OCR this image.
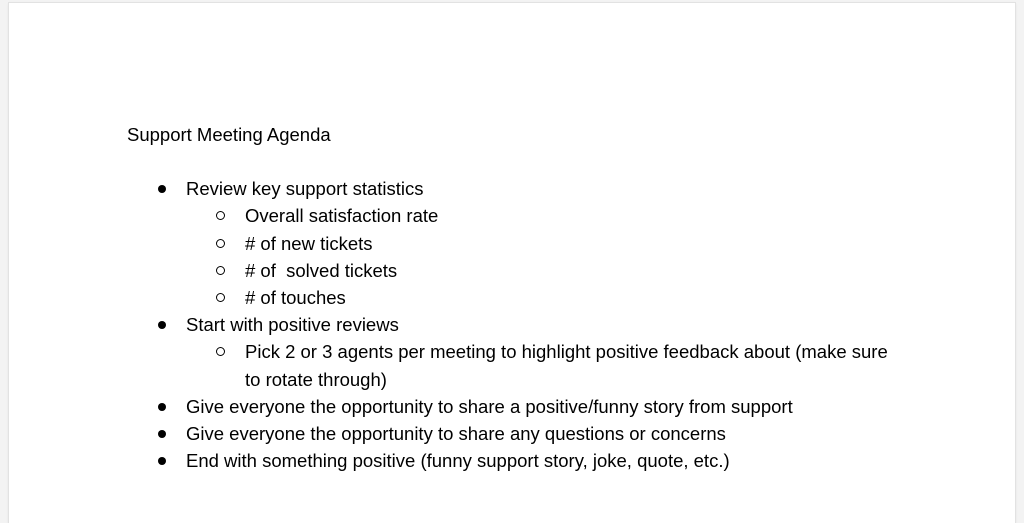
Support Meeting Agenda
Review key support statistics
Overall satisfaction rate
# of new tickets
# of  solved tickets
# of touches
Start with positive reviews
Pick 2 or 3 agents per meeting to highlight positive feedback about (make sure to rotate through)
Give everyone the opportunity to share a positive/funny story from support
Give everyone the opportunity to share any questions or concerns
End with something positive (funny support story, joke, quote, etc.)
